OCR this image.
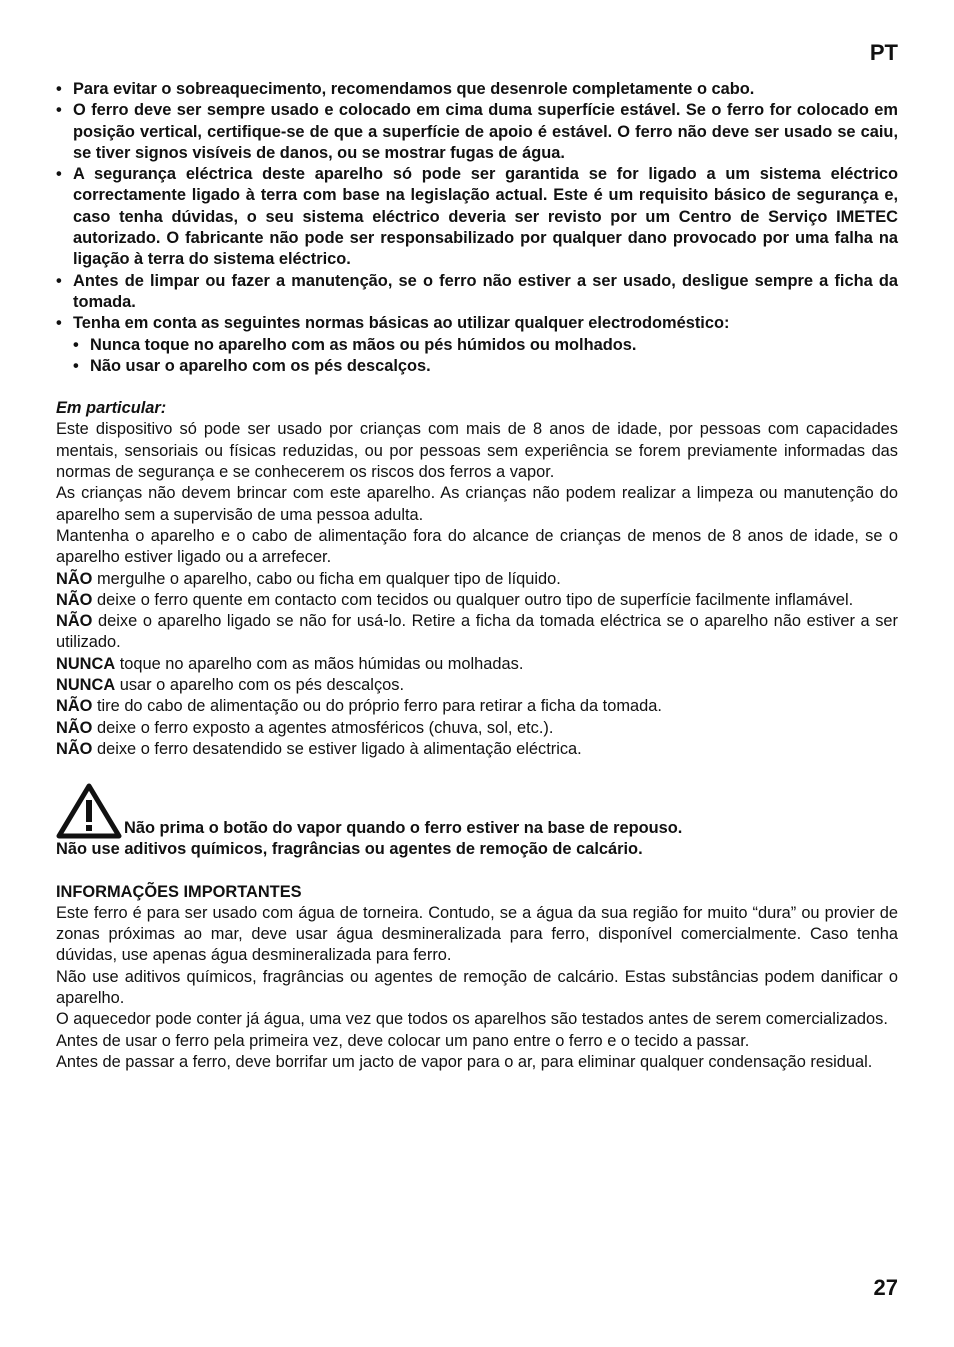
PT
• Para evitar o sobreaquecimento, recomendamos que desenrole completamente o cabo.
• O ferro deve ser sempre usado e colocado em cima duma superfície estável. Se o ferro for colocado em posição vertical, certifique-se de que a superfície de apoio é estável. O ferro não deve ser usado se caiu, se tiver signos visíveis de danos, ou se mostrar fugas de água.
• A segurança eléctrica deste aparelho só pode ser garantida se for ligado a um sistema eléctrico correctamente ligado à terra com base na legislação actual. Este é um requisito básico de segurança e, caso tenha dúvidas, o seu sistema eléctrico deveria ser revisto por um Centro de Serviço IMETEC autorizado. O fabricante não pode ser responsabilizado por qualquer dano provocado por uma falha na ligação à terra do sistema eléctrico.
• Antes de limpar ou fazer a manutenção, se o ferro não estiver a ser usado, desligue sempre a ficha da tomada.
• Tenha em conta as seguintes normas básicas ao utilizar qualquer electrodoméstico:
• Nunca toque no aparelho com as mãos ou pés húmidos ou molhados.
• Não usar o aparelho com os pés descalços.
Em particular:

Este dispositivo só pode ser usado por crianças com mais de 8 anos de idade, por pessoas com capacidades mentais, sensoriais ou físicas reduzidas, ou por pessoas sem experiência se forem previamente informadas das normas de segurança e se conhecerem os riscos dos ferros a vapor.

As crianças não devem brincar com este aparelho. As crianças não podem realizar a limpeza ou manutenção do aparelho sem a supervisão de uma pessoa adulta.

Mantenha o aparelho e o cabo de alimentação fora do alcance de crianças de menos de 8 anos de idade, se o aparelho estiver ligado ou a arrefecer.

NÃO mergulhe o aparelho, cabo ou ficha em qualquer tipo de líquido.

NÃO deixe o ferro quente em contacto com tecidos ou qualquer outro tipo de superfície facilmente inflamável.

NÃO deixe o aparelho ligado se não for usá-lo. Retire a ficha da tomada eléctrica se o aparelho não estiver a ser utilizado.

NUNCA toque no aparelho com as mãos húmidas ou molhadas.

NUNCA usar o aparelho com os pés descalços.

NÃO tire do cabo de alimentação ou do próprio ferro para retirar a ficha da tomada.

NÃO deixe o ferro exposto a agentes atmosféricos (chuva, sol, etc.).

NÃO deixe o ferro desatendido se estiver ligado à alimentação eléctrica.

Não prima o botão do vapor quando o ferro estiver na base de repouso.
Não use aditivos químicos, fragrâncias ou agentes de remoção de calcário.
INFORMAÇÕES IMPORTANTES

Este ferro é para ser usado com água de torneira. Contudo, se a água da sua região for muito “dura” ou provier de zonas próximas ao mar, deve usar água desmineralizada para ferro, disponível comercialmente. Caso tenha dúvidas, use apenas água desmineralizada para ferro.

Não use aditivos químicos, fragrâncias ou agentes de remoção de calcário. Estas substâncias podem danificar o aparelho.

O aquecedor pode conter já água, uma vez que todos os aparelhos são testados antes de serem comercializados.

Antes de usar o ferro pela primeira vez, deve colocar um pano entre o ferro e o tecido a passar.

Antes de passar a ferro, deve borrifar um jacto de vapor para o ar, para eliminar qualquer condensação residual.

27
